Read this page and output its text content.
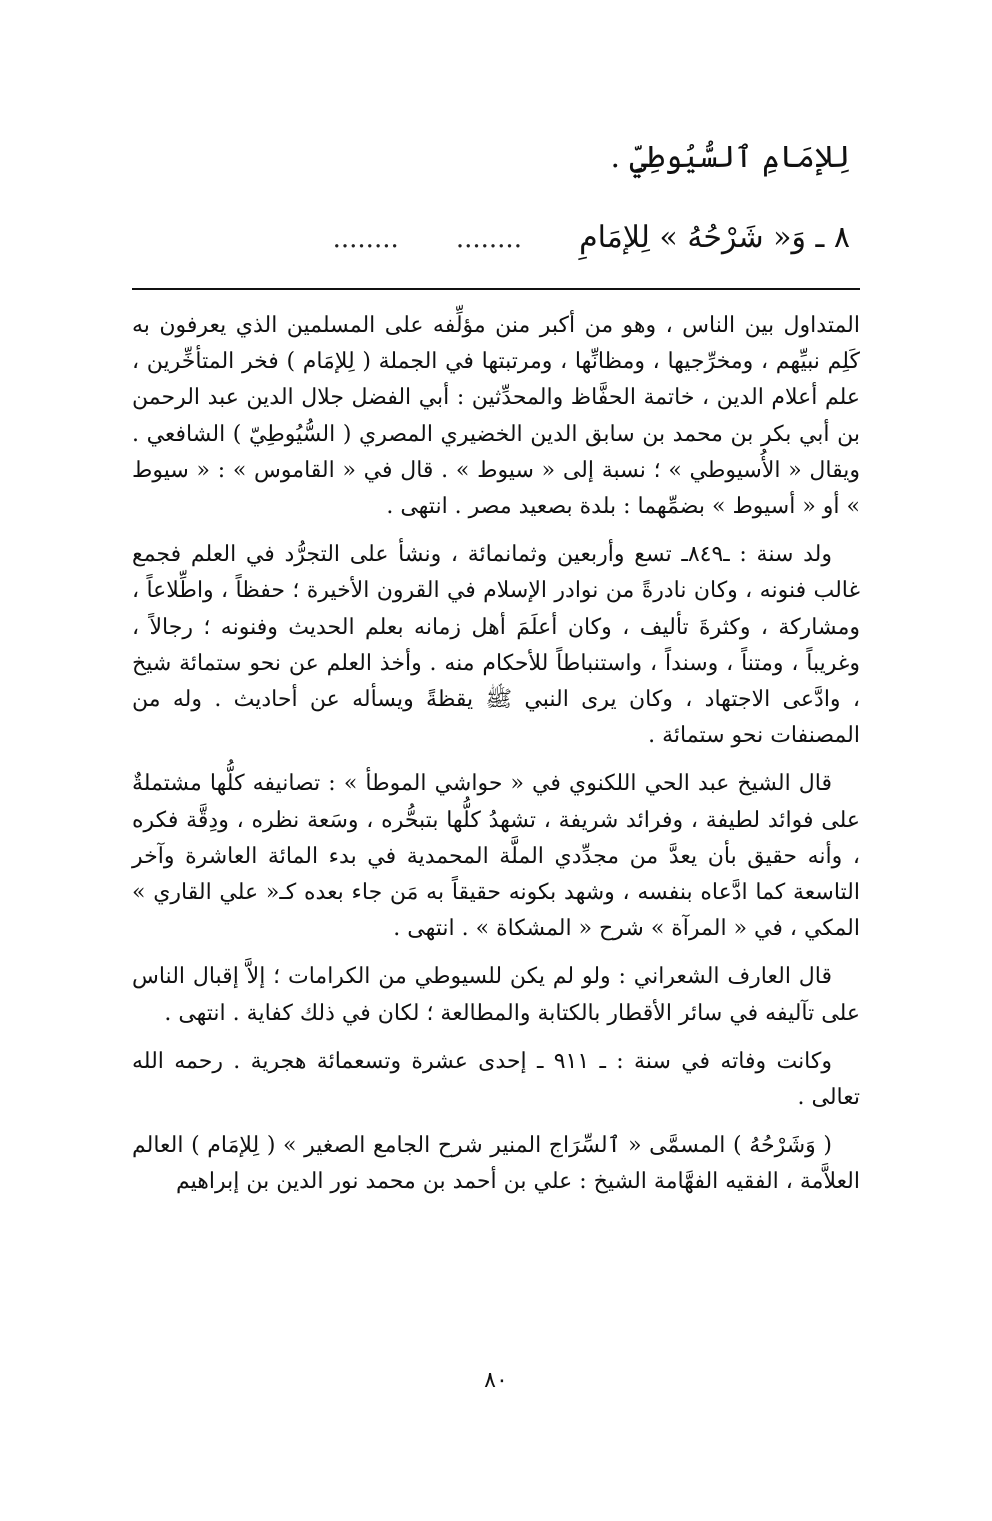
لِلإمَامِ ٱلسُّيُوطِيِّ .
٨ ـ وَ« شَرْحُهُ » لِلإمَامِ  ........  ........

المتداول بين الناس ، وهو من أكبر منن مؤلِّفه على المسلمين الذي يعرفون به كَلِم نبيِّهم ، ومخرِّجيها ، ومظانِّها ، ومرتبتها في الجملة ( لِلإمَام ) فخر المتأخِّرين ، علم أعلام الدين ، خاتمة الحفَّاظ والمحدِّثين : أبي الفضل جلال الدين عبد الرحمن بن أبي بكر بن محمد بن سابق الدين الخضيري المصري ( السُّيُوطِيّ ) الشافعي . ويقال « الأُسيوطي » ؛ نسبة إلى « سيوط » . قال في « القاموس » : « سيوط » أو « أسيوط » بضمِّهما : بلدة بصعيد مصر . انتهى .

ولد سنة : ـ٨٤٩ـ تسع وأربعين وثمانمائة ، ونشأ على التجرُّد في العلم فجمع غالب فنونه ، وكان نادرةً من نوادر الإسلام في القرون الأخيرة ؛ حفظاً ، واطِّلاعاً ، ومشاركة ، وكثرةَ تأليف ، وكان أعلَمَ أهل زمانه بعلم الحديث وفنونه ؛ رجالاً ، وغريباً ، ومتناً ، وسنداً ، واستنباطاً للأحكام منه . وأخذ العلم عن نحو ستمائة شيخ ، وادَّعى الاجتهاد ، وكان يرى النبي ﷺ يقظةً ويسأله عن أحاديث . وله من المصنفات نحو ستمائة .

قال الشيخ عبد الحي اللكنوي في « حواشي الموطأ » : تصانيفه كلُّها مشتملةٌ على فوائد لطيفة ، وفرائد شريفة ، تشهدُ كلُّها بتبحُّره ، وسَعة نظره ، ودِقَّة فكره ، وأنه حقيق بأن يعدَّ من مجدِّدي الملَّة المحمدية في بدء المائة العاشرة وآخر التاسعة كما ادَّعاه بنفسه ، وشهد بكونه حقيقاً به مَن جاء بعده كـ« علي القاري » المكي ، في « المرآة » شرح « المشكاة » . انتهى .

قال العارف الشعراني : ولو لم يكن للسيوطي من الكرامات ؛ إلاَّ إقبال الناس على تآليفه في سائر الأقطار بالكتابة والمطالعة ؛ لكان في ذلك كفاية . انتهى .

وكانت وفاته في سنة : ـ ٩١١ ـ إحدى عشرة وتسعمائة هجرية . رحمه الله تعالى .

( وَشَرْحُهُ ) المسمَّى « ٱلسِّرَاج المنير شرح الجامع الصغير » ( لِلإمَام ) العالم العلاَّمة ، الفقيه الفهَّامة الشيخ : علي بن أحمد بن محمد نور الدين بن إبراهيم

٨٠
